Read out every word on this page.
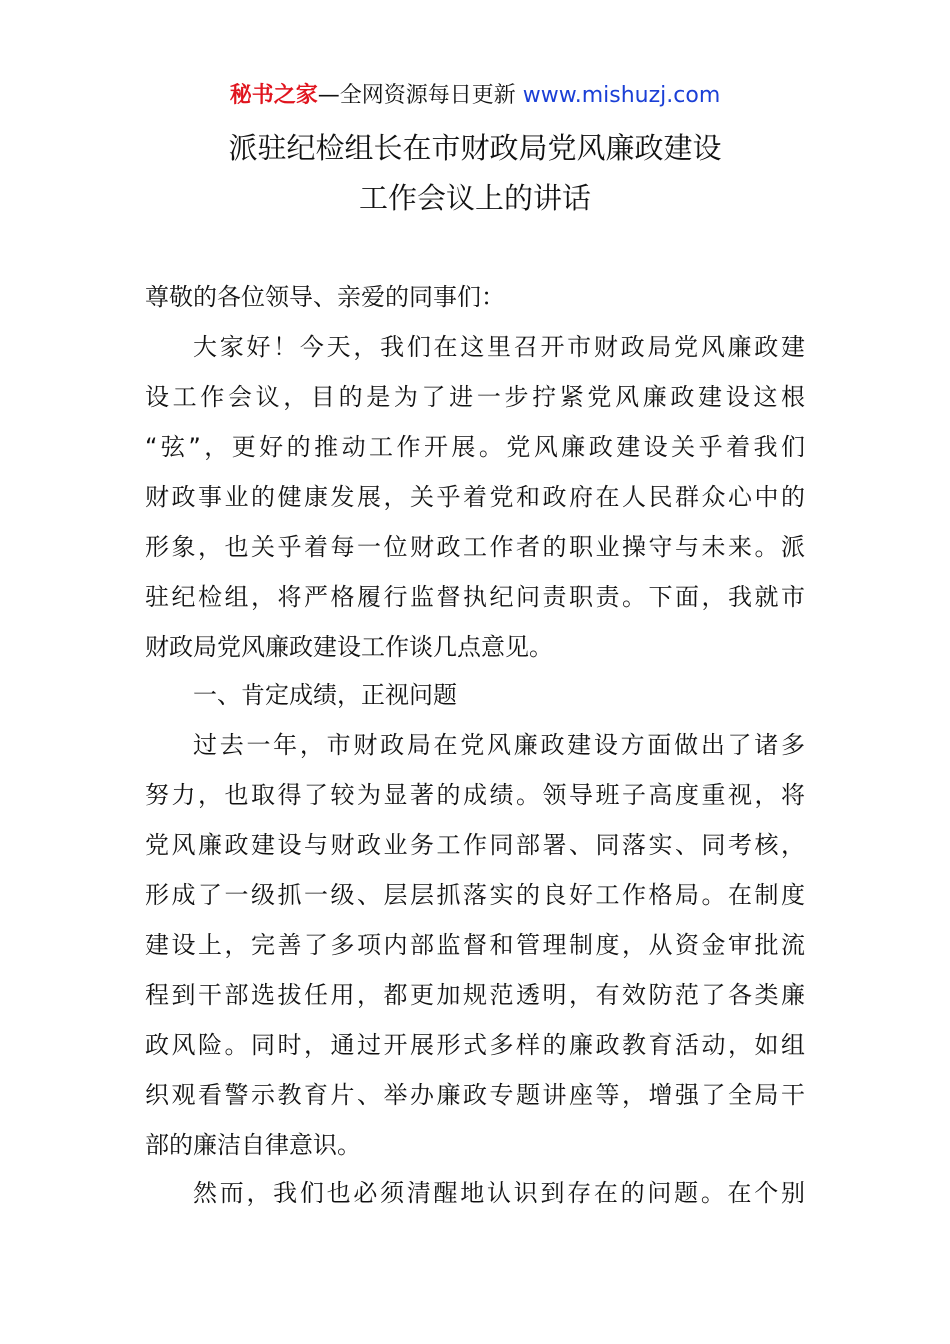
秘书之家—全网资源每日更新 www.mishuzj.com
派驻纪检组长在市财政局党风廉政建设
工作会议上的讲话
尊敬的各位领导、亲爱的同事们：
大家好！今天，我们在这里召开市财政局党风廉政建
设工作会议，目的是为了进一步拧紧党风廉政建设这根
“弦”，更好的推动工作开展。党风廉政建设关乎着我们
财政事业的健康发展，关乎着党和政府在人民群众心中的
形象，也关乎着每一位财政工作者的职业操守与未来。派
驻纪检组，将严格履行监督执纪问责职责。下面，我就市
财政局党风廉政建设工作谈几点意见。
一、肯定成绩，正视问题
过去一年，市财政局在党风廉政建设方面做出了诸多
努力，也取得了较为显著的成绩。领导班子高度重视，将
党风廉政建设与财政业务工作同部署、同落实、同考核，
形成了一级抓一级、层层抓落实的良好工作格局。在制度
建设上，完善了多项内部监督和管理制度，从资金审批流
程到干部选拔任用，都更加规范透明，有效防范了各类廉
政风险。同时，通过开展形式多样的廉政教育活动，如组
织观看警示教育片、举办廉政专题讲座等，增强了全局干
部的廉洁自律意识。
然而，我们也必须清醒地认识到存在的问题。在个别
